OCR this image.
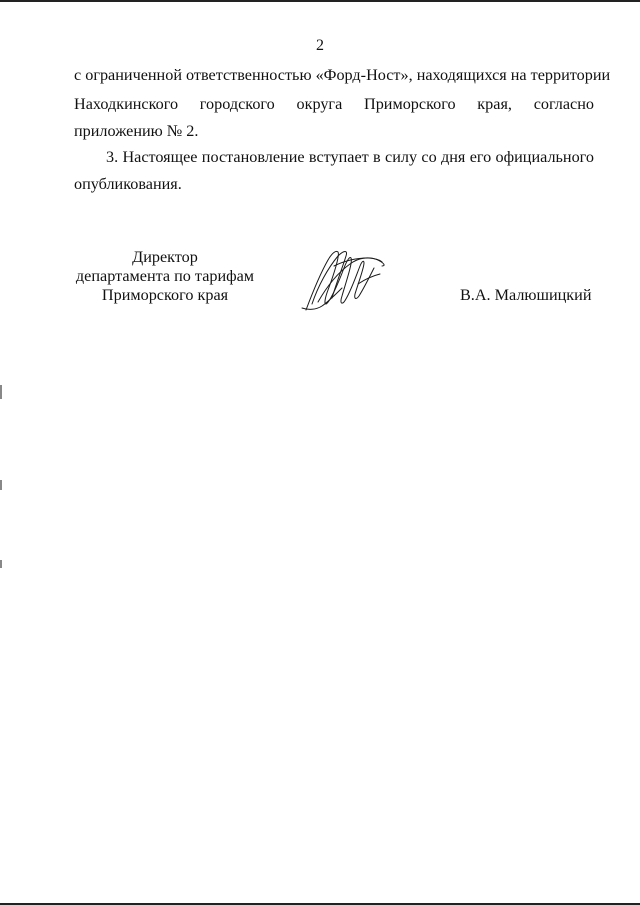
2
с ограниченной ответственностью «Форд-Ност», находящихся на территории
Находкинского городского округа Приморского края, согласно
приложению № 2.
3. Настоящее постановление вступает в силу со дня его официального
опубликования.
Директор
департамента по тарифам
Приморского края	В.А. Малюшицкий
